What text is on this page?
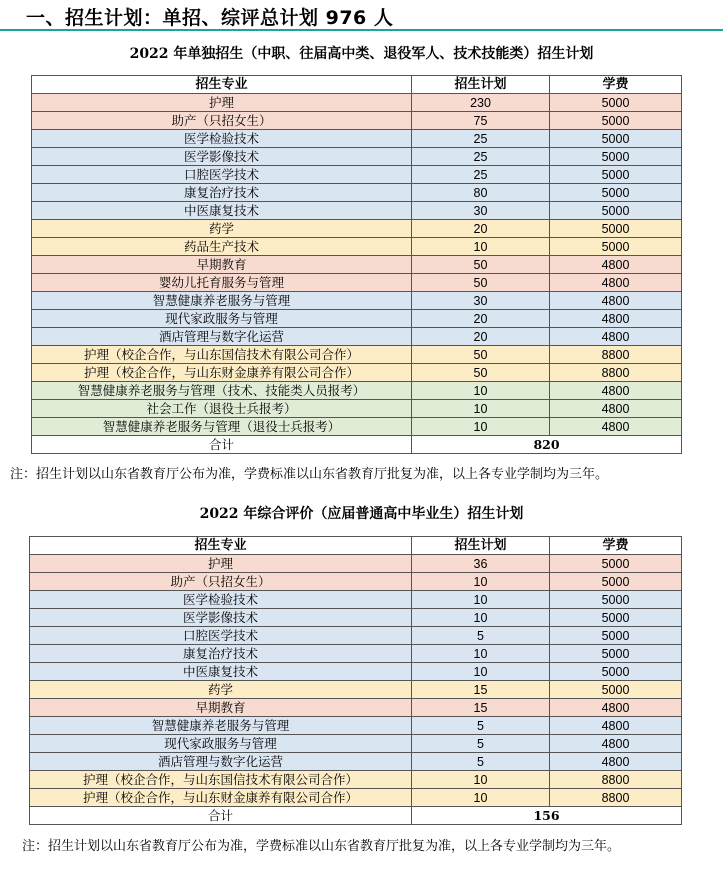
一、招生计划：单招、综评总计划 976 人
2022 年单独招生（中职、往届高中类、退役军人、技术技能类）招生计划
招生专业	招生计划	学费
护理	230	5000
助产（只招女生）	75	5000
医学检验技术	25	5000
医学影像技术	25	5000
口腔医学技术	25	5000
康复治疗技术	80	5000
中医康复技术	30	5000
药学	20	5000
药品生产技术	10	5000
早期教育	50	4800
婴幼儿托育服务与管理	50	4800
智慧健康养老服务与管理	30	4800
现代家政服务与管理	20	4800
酒店管理与数字化运营	20	4800
护理（校企合作，与山东国信技术有限公司合作）	50	8800
护理（校企合作，与山东财金康养有限公司合作）	50	8800
智慧健康养老服务与管理（技术、技能类人员报考）	10	4800
社会工作（退役士兵报考）	10	4800
智慧健康养老服务与管理（退役士兵报考）	10	4800
合计	820	
注：招生计划以山东省教育厅公布为准，学费标准以山东省教育厅批复为准，以上各专业学制均为三年。
2022 年综合评价（应届普通高中毕业生）招生计划
招生专业	招生计划	学费
护理	36	5000
助产（只招女生）	10	5000
医学检验技术	10	5000
医学影像技术	10	5000
口腔医学技术	5	5000
康复治疗技术	10	5000
中医康复技术	10	5000
药学	15	5000
早期教育	15	4800
智慧健康养老服务与管理	5	4800
现代家政服务与管理	5	4800
酒店管理与数字化运营	5	4800
护理（校企合作，与山东国信技术有限公司合作）	10	8800
护理（校企合作，与山东财金康养有限公司合作）	10	8800
合计	156	
注：招生计划以山东省教育厅公布为准，学费标准以山东省教育厅批复为准，以上各专业学制均为三年。
